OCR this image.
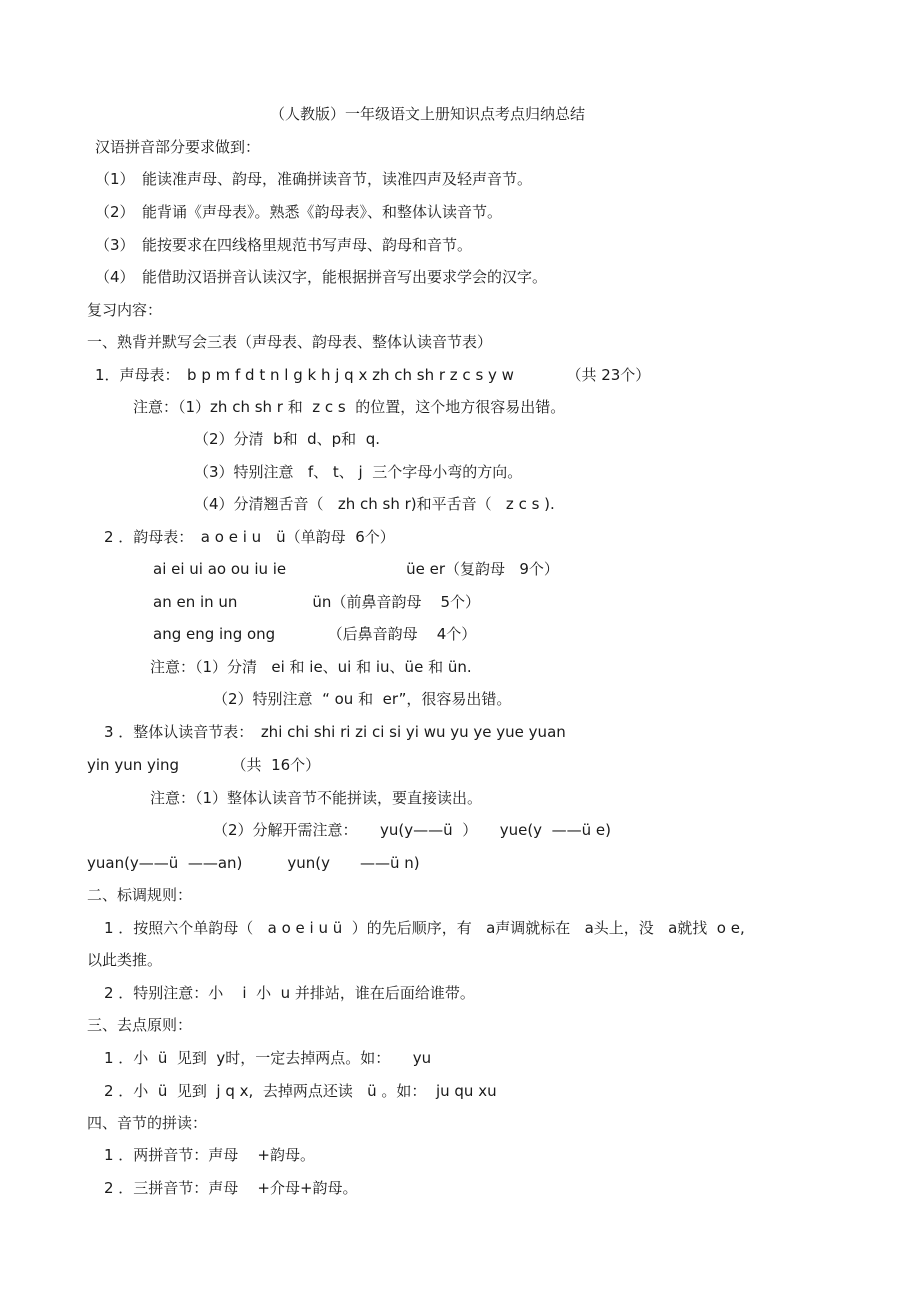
（人教版）一年级语文上册知识点考点归纳总结
汉语拼音部分要求做到：
（1）　能读准声母、韵母，准确拼读音节，读准四声及轻声音节。
（2）　能背诵《声母表》。熟悉《韵母表》、和整体认读音节。
（3）　能按要求在四线格里规范书写声母、韵母和音节。
（4）　能借助汉语拼音认读汉字，能根据拼音写出要求学会的汉字。
复习内容：
一、熟背并默写会三表（声母表、韵母表、整体认读音节表）
1．声母表：　b p m f d t n l g k h j q x zh ch sh r z c s y w　　　　（共 23个）
注意：（1）zh ch sh r 和  z c s  的位置，这个地方很容易出错。
（2）分清  b和  d、p和  q.
（3）特别注意   f、 t、 j  三个字母小弯的方向。
（4）分清翘舌音（   zh ch sh r)和平舌音（   z c s ).
2 ．韵母表：　a o e i u　ü（单韵母  6个）
ai ei ui ao ou iu ie　　　　　　　　üe er（复韵母   9个）
an en in un　　　　　ün（前鼻音韵母    5个）
ang eng ing ong　　　　（后鼻音韵母    4个）
注意：（1）分清   ei 和 ie、ui 和 iu、üe 和 ün.
（2）特别注意  “ ou 和  er”，很容易出错。
3 ．整体认读音节表：　zhi chi shi ri zi ci si yi wu yu ye yue yuan
yin yun ying　　　　（共  16个）
注意：（1）整体认读音节不能拼读，要直接读出。
（2）分解开需注意：　　yu(y——ü  ）　　yue(y  ——ü e)
yuan(y——ü  ——an)　　　yun(y　　——ü n)
二、标调规则：
1 ．按照六个单韵母（   a o e i u ü  ）的先后顺序，有   a声调就标在   a头上，没   a就找  o e,
以此类推。
2 ．特别注意：小    i  小  u 并排站，谁在后面给谁带。
三、去点原则：
1 ．小  ü  见到  y时，一定去掉两点。如：　　yu
2 ．小  ü  见到  j q x,  去掉两点还读   ü 。如：  ju qu xu
四、音节的拼读：
1 ．两拼音节：声母    +韵母。
2 ．三拼音节：声母    +介母+韵母。
